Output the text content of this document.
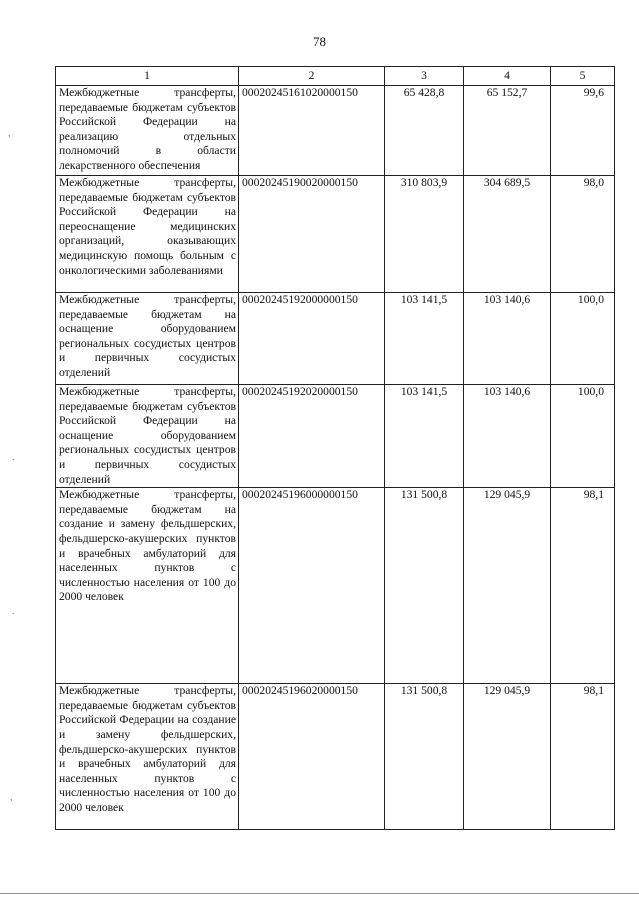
78
1	2	3	4	5
Межбюджетные трансферты, передаваемые бюджетам субъектов Российской Федерации на реализацию отдельных полномочий в области лекарственного обеспечения	00020245161020000150	65 428,8	65 152,7	99,6
Межбюджетные трансферты, передаваемые бюджетам субъектов Российской Федерации на переоснащение медицинских организаций, оказывающих медицинскую помощь больным с онкологическими заболеваниями	00020245190020000150	310 803,9	304 689,5	98,0
Межбюджетные трансферты, передаваемые бюджетам на оснащение оборудованием региональных сосудистых центров и первичных сосудистых отделений	00020245192000000150	103 141,5	103 140,6	100,0
Межбюджетные трансферты, передаваемые бюджетам субъектов Российской Федерации на оснащение оборудованием региональных сосудистых центров и первичных сосудистых отделений	00020245192020000150	103 141,5	103 140,6	100,0
Межбюджетные трансферты, передаваемые бюджетам на создание и замену фельдшерских, фельдшерско-акушерских пунктов и врачебных амбулаторий для населенных пунктов с численностью населения от 100 до 2000 человек	00020245196000000150	131 500,8	129 045,9	98,1
Межбюджетные трансферты, передаваемые бюджетам субъектов Российской Федерации на создание и замену фельдшерских, фельдшерско-акушерских пунктов и врачебных амбулаторий для населенных пунктов с численностью населения от 100 до 2000 человек	00020245196020000150	131 500,8	129 045,9	98,1
,
.
.
,
